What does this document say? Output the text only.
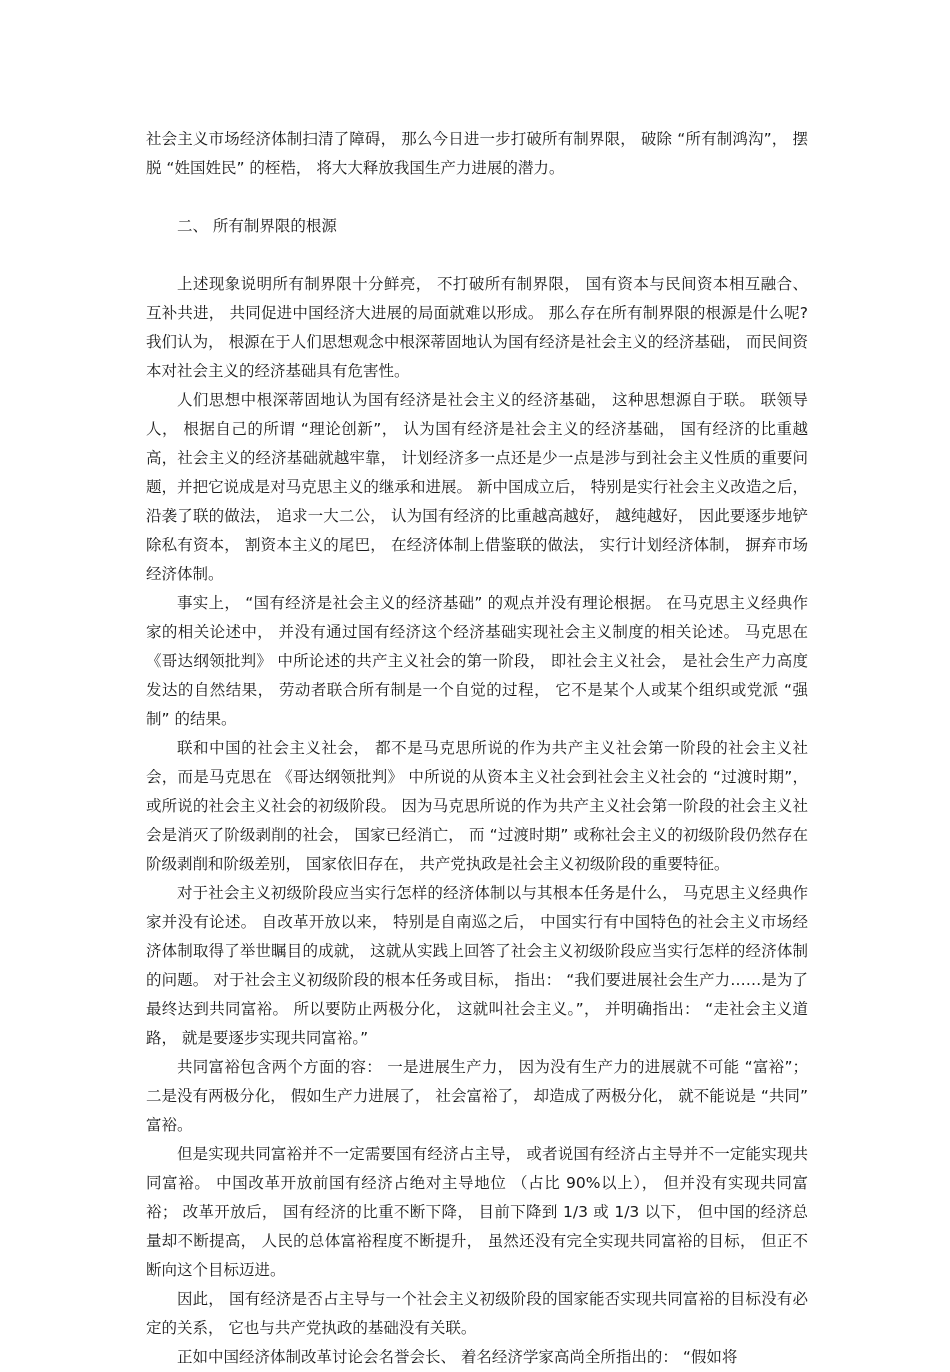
社会主义市场经济体制扫清了障碍， 那么今日进一步打破所有制界限， 破除 “所有制鸿沟”， 摆脱 “姓国姓民” 的桎梏， 将大大释放我国生产力进展的潜力。

二、 所有制界限的根源

上述现象说明所有制界限十分鲜亮， 不打破所有制界限， 国有资本与民间资本相互融合、 互补共进， 共同促进中国经济大进展的局面就难以形成。 那么存在所有制界限的根源是什么呢? 我们认为， 根源在于人们思想观念中根深蒂固地认为国有经济是社会主义的经济基础， 而民间资本对社会主义的经济基础具有危害性。

人们思想中根深蒂固地认为国有经济是社会主义的经济基础， 这种思想源自于联。 联领导人， 根据自己的所谓 “理论创新”， 认为国有经济是社会主义的经济基础， 国有经济的比重越高，社会主义的经济基础就越牢靠， 计划经济多一点还是少一点是涉与到社会主义性质的重要问题，并把它说成是对马克思主义的继承和进展。 新中国成立后， 特别是实行社会主义改造之后， 沿袭了联的做法， 追求一大二公， 认为国有经济的比重越高越好， 越纯越好， 因此要逐步地铲除私有资本， 割资本主义的尾巴， 在经济体制上借鉴联的做法， 实行计划经济体制， 摒弃市场经济体制。

事实上， “国有经济是社会主义的经济基础” 的观点并没有理论根据。 在马克思主义经典作家的相关论述中， 并没有通过国有经济这个经济基础实现社会主义制度的相关论述。 马克思在 《哥达纲领批判》 中所论述的共产主义社会的第一阶段， 即社会主义社会， 是社会生产力高度发达的自然结果， 劳动者联合所有制是一个自觉的过程， 它不是某个人或某个组织或党派 “强制” 的结果。

联和中国的社会主义社会， 都不是马克思所说的作为共产主义社会第一阶段的社会主义社会，而是马克思在 《哥达纲领批判》 中所说的从资本主义社会到社会主义社会的 “过渡时期”， 或所说的社会主义社会的初级阶段。 因为马克思所说的作为共产主义社会第一阶段的社会主义社会是消灭了阶级剥削的社会， 国家已经消亡， 而 “过渡时期” 或称社会主义的初级阶段仍然存在阶级剥削和阶级差别， 国家依旧存在， 共产党执政是社会主义初级阶段的重要特征。

对于社会主义初级阶段应当实行怎样的经济体制以与其根本任务是什么， 马克思主义经典作家并没有论述。 自改革开放以来， 特别是自南巡之后， 中国实行有中国特色的社会主义市场经济体制取得了举世瞩目的成就， 这就从实践上回答了社会主义初级阶段应当实行怎样的经济体制的问题。 对于社会主义初级阶段的根本任务或目标， 指出： “我们要进展社会生产力……是为了最终达到共同富裕。 所以要防止两极分化， 这就叫社会主义。”， 并明确指出： “走社会主义道路， 就是要逐步实现共同富裕。”

共同富裕包含两个方面的容： 一是进展生产力， 因为没有生产力的进展就不可能 “富裕”； 二是没有两极分化， 假如生产力进展了， 社会富裕了， 却造成了两极分化， 就不能说是 “共同” 富裕。

但是实现共同富裕并不一定需要国有经济占主导， 或者说国有经济占主导并不一定能实现共同富裕。 中国改革开放前国有经济占绝对主导地位 （占比 90%以上）， 但并没有实现共同富裕； 改革开放后， 国有经济的比重不断下降， 目前下降到 1/3 或 1/3 以下， 但中国的经济总量却不断提高， 人民的总体富裕程度不断提升， 虽然还没有完全实现共同富裕的目标， 但正不断向这个目标迈进。

因此， 国有经济是否占主导与一个社会主义初级阶段的国家能否实现共同富裕的目标没有必定的关系， 它也与共产党执政的基础没有关联。

正如中国经济体制改革讨论会名誉会长、 着名经济学家高尚全所指出的： “假如将
